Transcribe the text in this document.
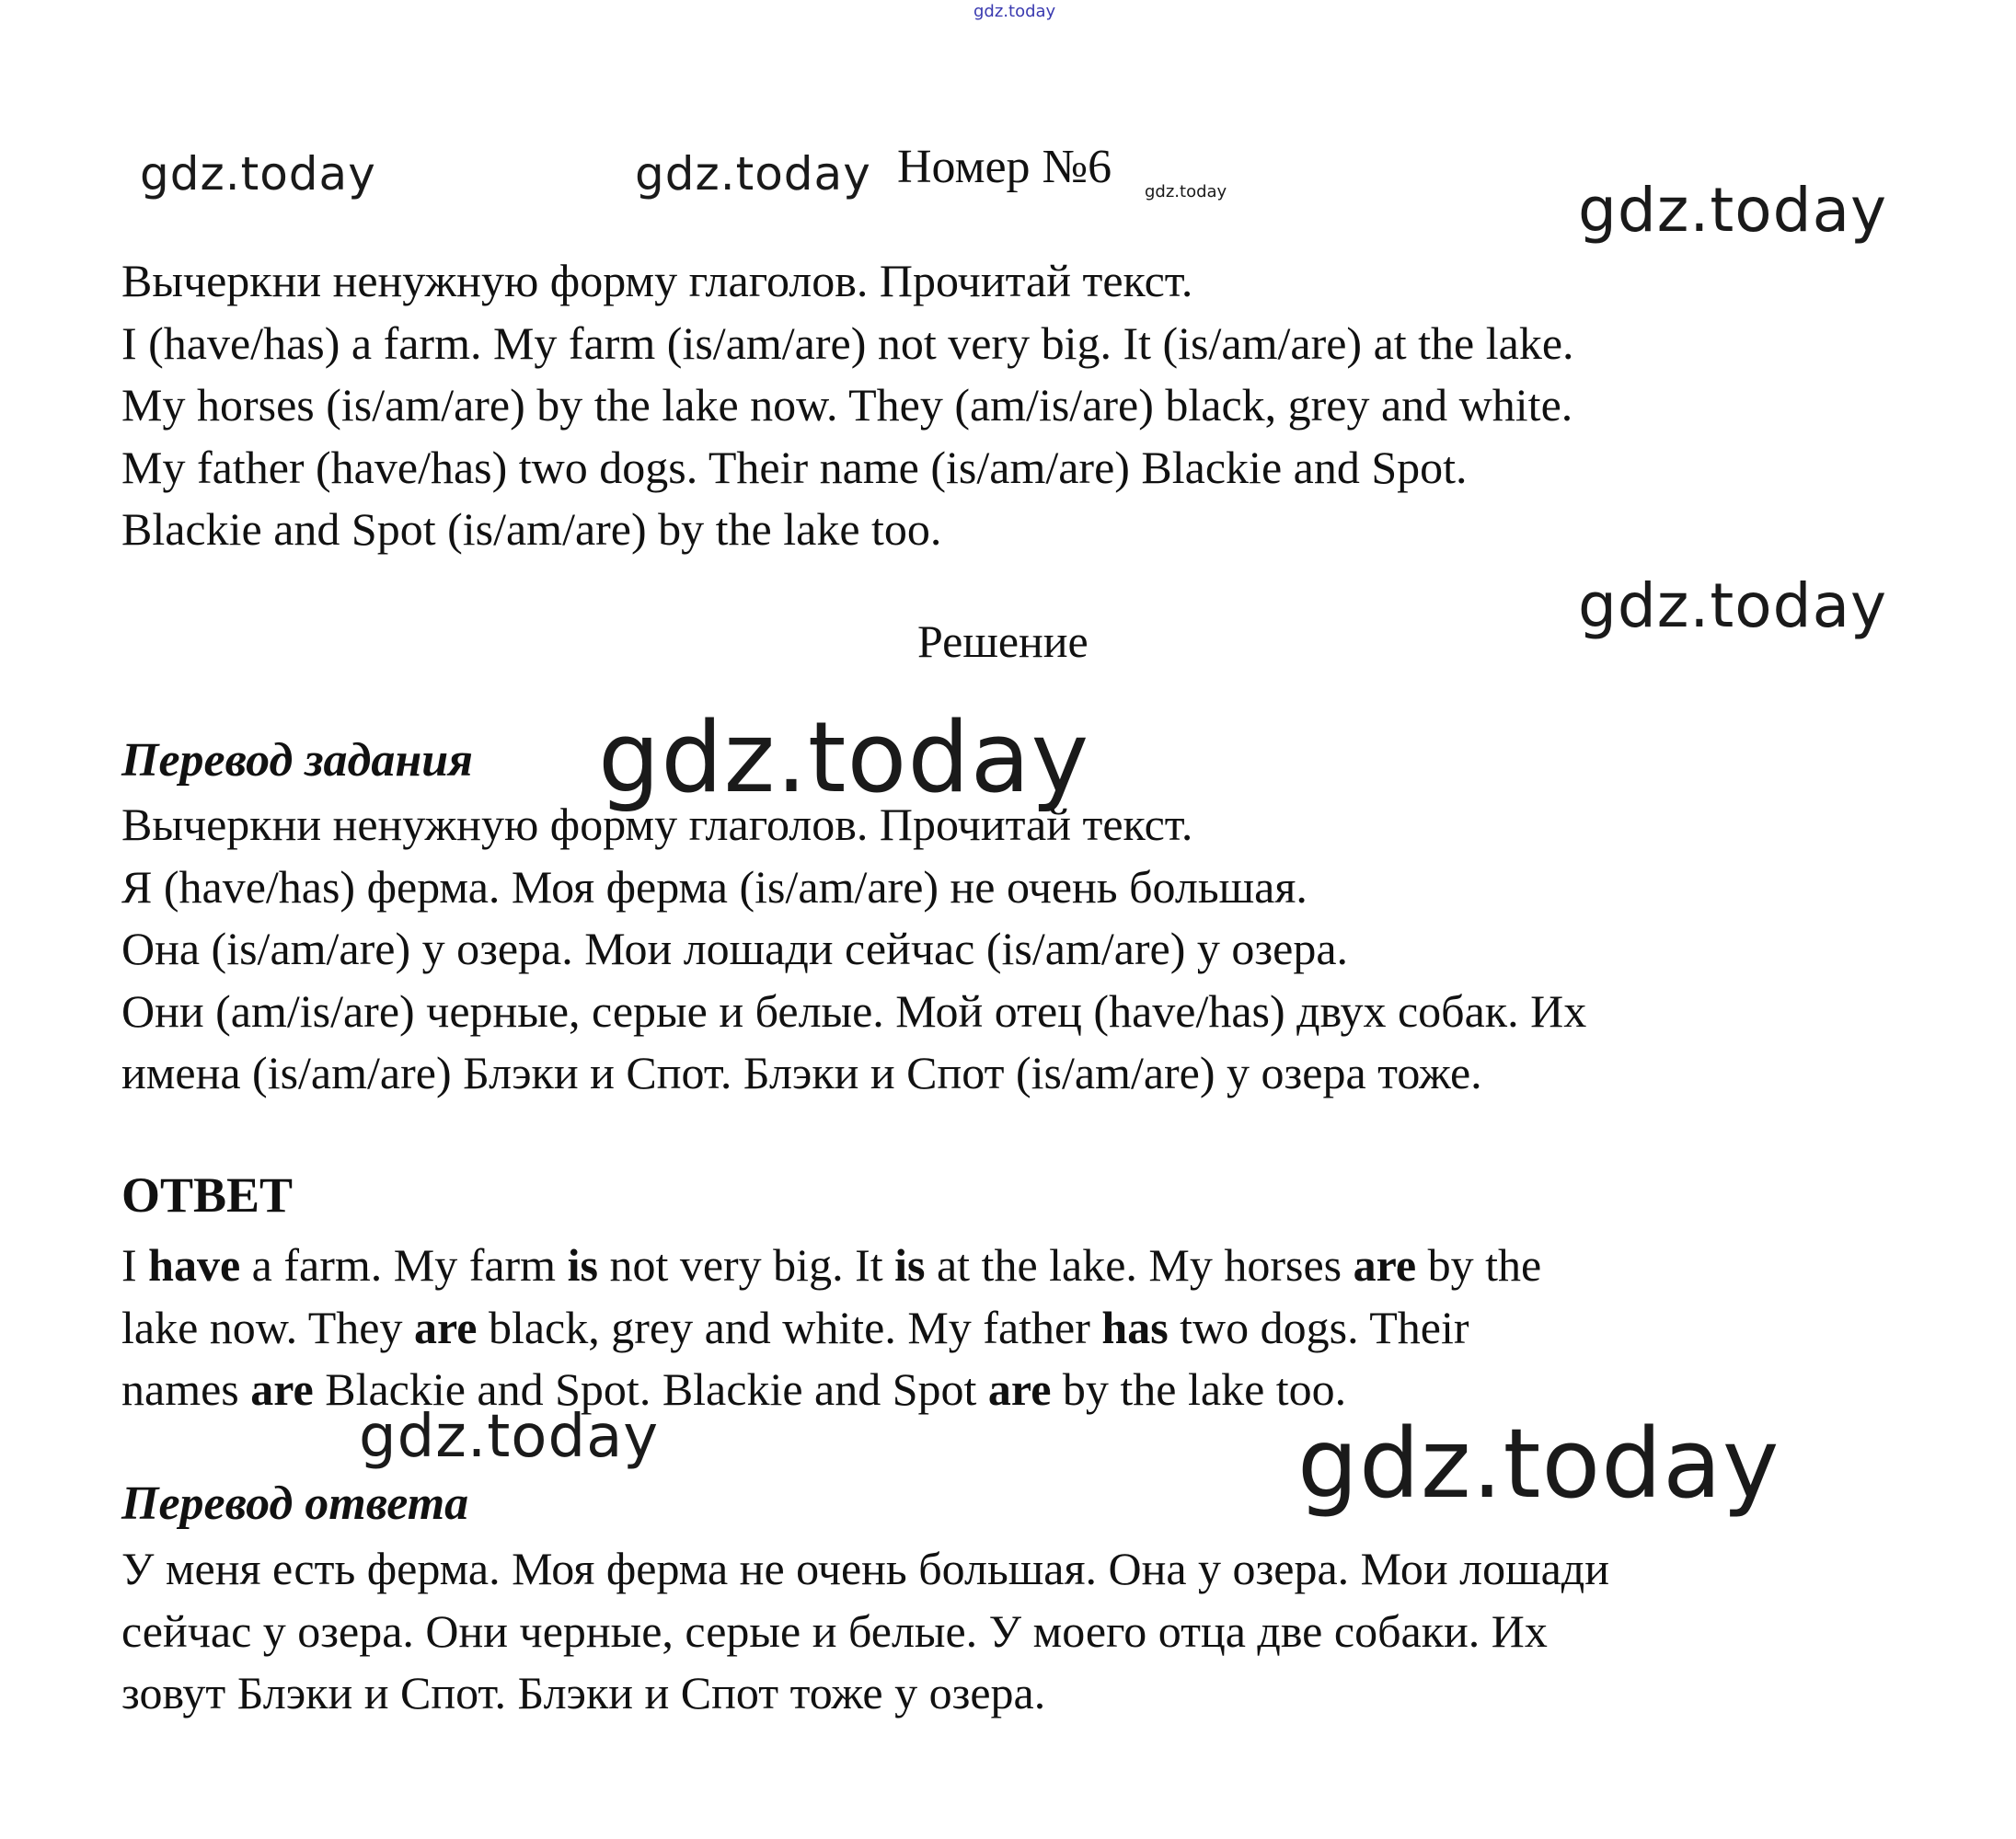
gdz.today
gdz.today	gdz.today	gdz.today	gdz.today
gdz.today
Номер №6
Вычеркни ненужную форму глаголов. Прочитай текст.
I (have/has) a farm. My farm (is/am/are) not very big. It (is/am/are) at the lake.
My horses (is/am/are) by the lake now. They (am/is/are) black, grey and white.
My father (have/has) two dogs. Their name (is/am/are) Blackie and Spot.
Blackie and Spot (is/am/are) by the lake too.
Решение
Перевод задания gdz.today
Вычеркни ненужную форму глаголов. Прочитай текст.
Я (have/has) ферма. Моя ферма (is/am/are) не очень большая.
Она (is/am/are) у озера. Мои лошади сейчас (is/am/are) у озера.
Они (am/is/are) черные, серые и белые. Мой отец (have/has) двух собак. Их
имена (is/am/are) Блэки и Спот. Блэки и Спот (is/am/are) у озера тоже.
ОТВЕТ
I have a farm. My farm is not very big. It is at the lake. My horses are by the
lake now. They are black, grey and white. My father has two dogs. Their
names are Blackie and Spot. Blackie and Spot are by the lake too.
gdz.today	gdz.today
Перевод ответа
У меня есть ферма. Моя ферма не очень большая. Она у озера. Мои лошади
сейчас у озера. Они черные, серые и белые. У моего отца две собаки. Их
зовут Блэки и Спот. Блэки и Спот тоже у озера.
